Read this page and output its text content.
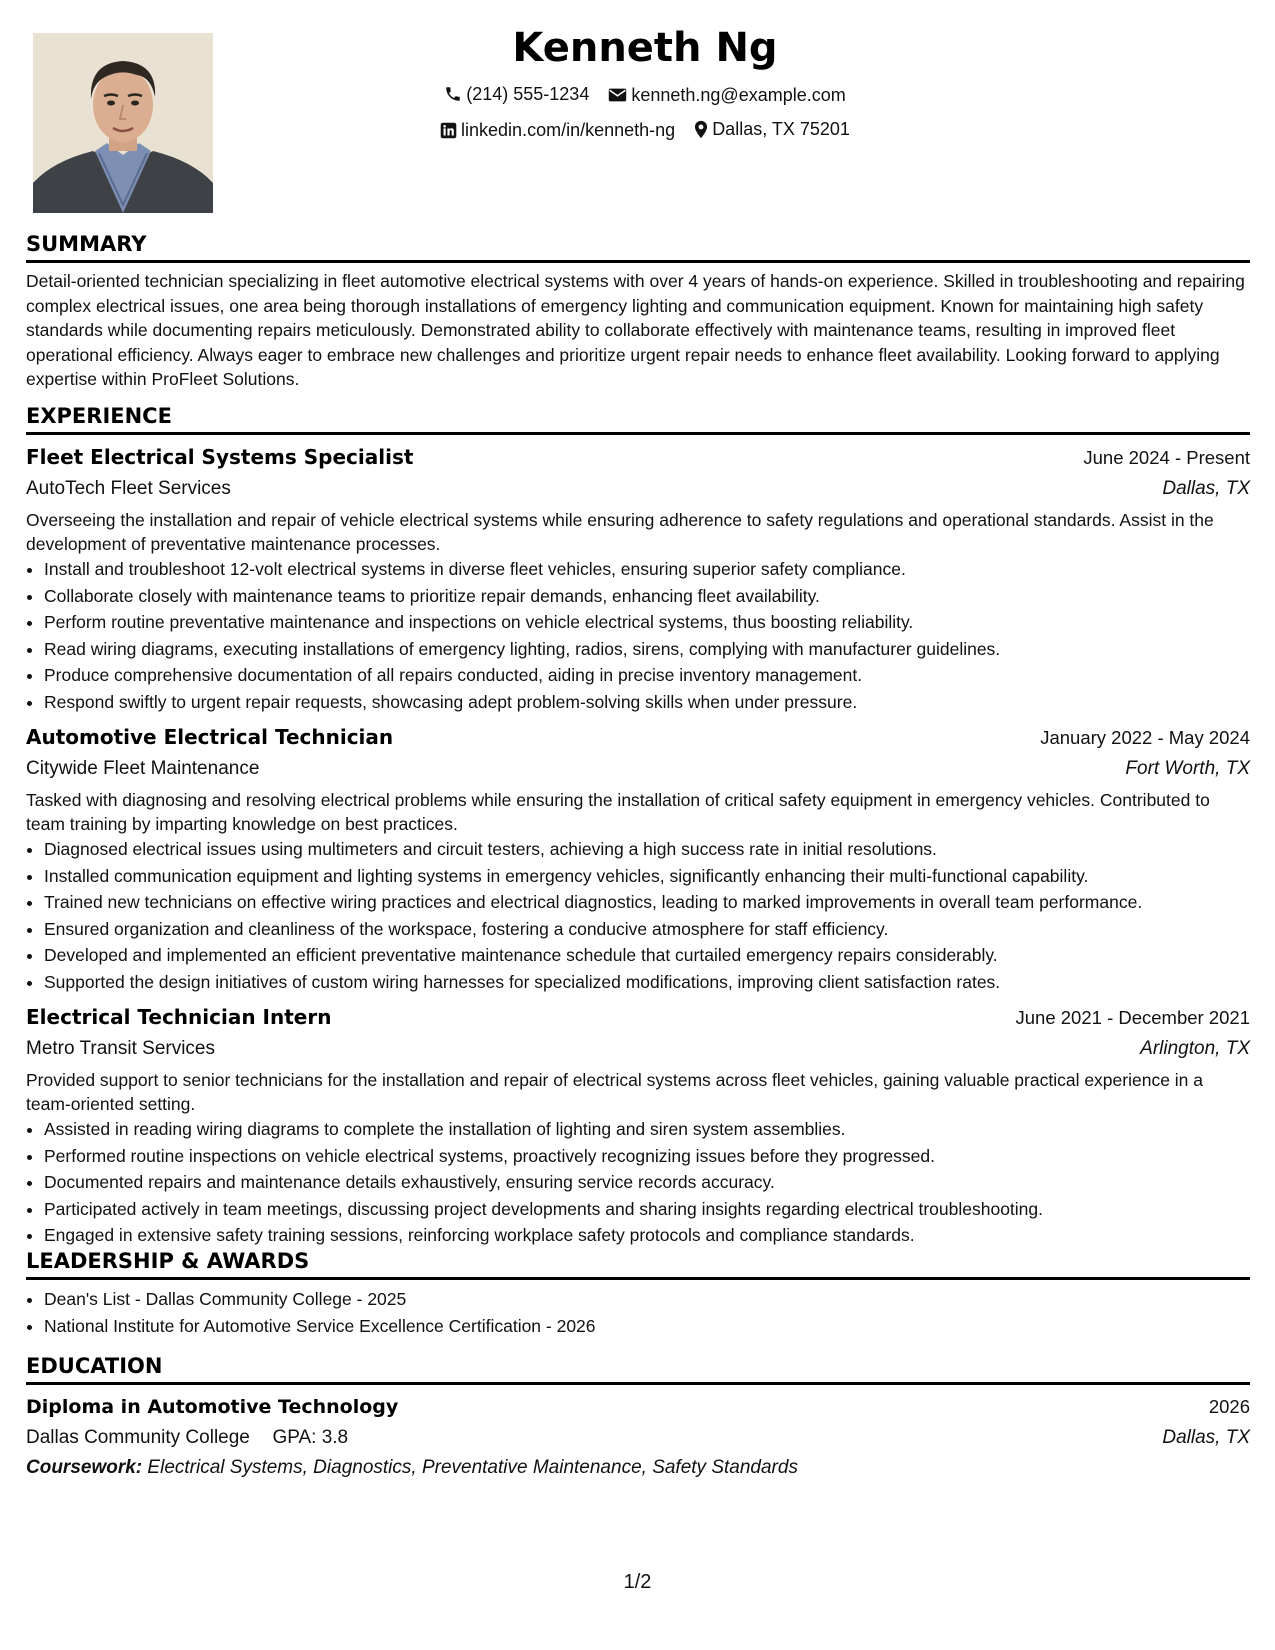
Kenneth Ng
(214) 555-1234
kenneth.ng@example.com
linkedin.com/in/kenneth-ng
Dallas, TX 75201
SUMMARY

Detail-oriented technician specializing in fleet automotive electrical systems with over 4 years of hands-on experience. Skilled in troubleshooting and repairing complex electrical issues, one area being thorough installations of emergency lighting and communication equipment. Known for maintaining high safety standards while documenting repairs meticulously. Demonstrated ability to collaborate effectively with maintenance teams, resulting in improved fleet operational efficiency. Always eager to embrace new challenges and prioritize urgent repair needs to enhance fleet availability. Looking forward to applying expertise within ProFleet Solutions.

EXPERIENCE
Fleet Electrical Systems Specialist	June 2024 - Present
AutoTech Fleet Services	Dallas, TX
Overseeing the installation and repair of vehicle electrical systems while ensuring adherence to safety regulations and operational standards. Assist in the development of preventative maintenance processes.
• Install and troubleshoot 12-volt electrical systems in diverse fleet vehicles, ensuring superior safety compliance.
• Collaborate closely with maintenance teams to prioritize repair demands, enhancing fleet availability.
• Perform routine preventative maintenance and inspections on vehicle electrical systems, thus boosting reliability.
• Read wiring diagrams, executing installations of emergency lighting, radios, sirens, complying with manufacturer guidelines.
• Produce comprehensive documentation of all repairs conducted, aiding in precise inventory management.
• Respond swiftly to urgent repair requests, showcasing adept problem-solving skills when under pressure.
Automotive Electrical Technician	January 2022 - May 2024
Citywide Fleet Maintenance	Fort Worth, TX
Tasked with diagnosing and resolving electrical problems while ensuring the installation of critical safety equipment in emergency vehicles. Contributed to team training by imparting knowledge on best practices.
• Diagnosed electrical issues using multimeters and circuit testers, achieving a high success rate in initial resolutions.
• Installed communication equipment and lighting systems in emergency vehicles, significantly enhancing their multi-functional capability.
• Trained new technicians on effective wiring practices and electrical diagnostics, leading to marked improvements in overall team performance.
• Ensured organization and cleanliness of the workspace, fostering a conducive atmosphere for staff efficiency.
• Developed and implemented an efficient preventative maintenance schedule that curtailed emergency repairs considerably.
• Supported the design initiatives of custom wiring harnesses for specialized modifications, improving client satisfaction rates.
Electrical Technician Intern	June 2021 - December 2021
Metro Transit Services	Arlington, TX
Provided support to senior technicians for the installation and repair of electrical systems across fleet vehicles, gaining valuable practical experience in a team-oriented setting.
• Assisted in reading wiring diagrams to complete the installation of lighting and siren system assemblies.
• Performed routine inspections on vehicle electrical systems, proactively recognizing issues before they progressed.
• Documented repairs and maintenance details exhaustively, ensuring service records accuracy.
• Participated actively in team meetings, discussing project developments and sharing insights regarding electrical troubleshooting.
• Engaged in extensive safety training sessions, reinforcing workplace safety protocols and compliance standards.
LEADERSHIP & AWARDS
• Dean's List - Dallas Community College - 2025
• National Institute for Automotive Service Excellence Certification - 2026
EDUCATION
Diploma in Automotive Technology	2026
Dallas Community College GPA: 3.8	Dallas, TX
Coursework: Electrical Systems, Diagnostics, Preventative Maintenance, Safety Standards
1/2
